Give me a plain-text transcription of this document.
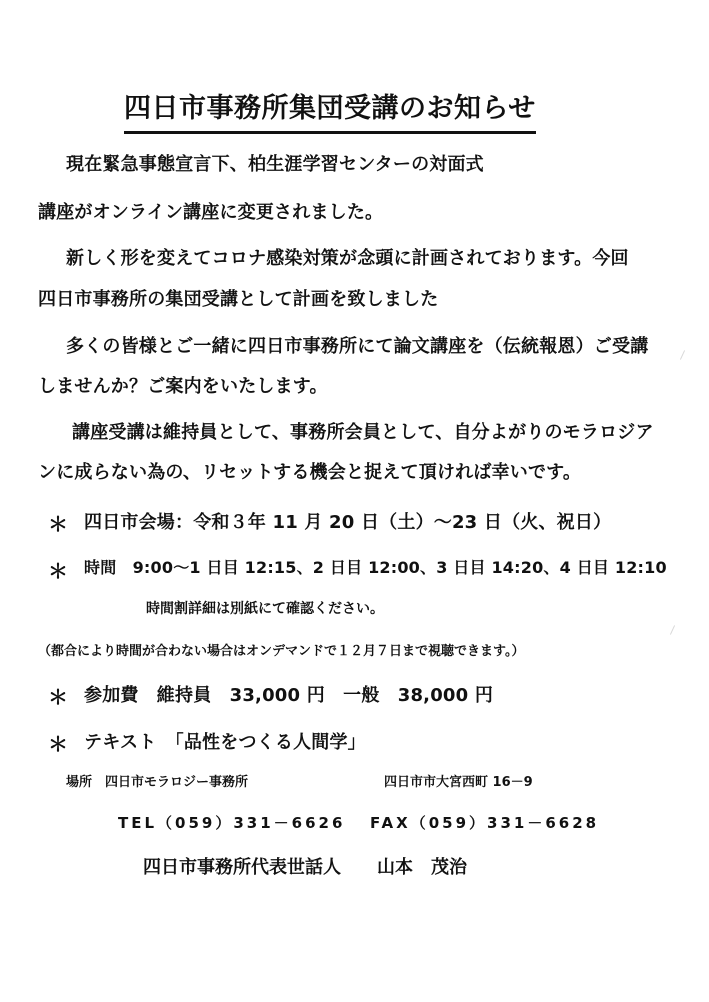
四日市事務所集団受講のお知らせ
現在緊急事態宣言下、柏生涯学習センターの対面式
講座がオンライン講座に変更されました。
新しく形を変えてコロナ感染対策が念頭に計画されております。今回
四日市事務所の集団受講として計画を致しました
多くの皆様とご一緒に四日市事務所にて論文講座を（伝統報恩）ご受講
しませんか？ご案内をいたします。
講座受講は維持員として、事務所会員として、自分よがりのモラロジア
ンに成らない為の、リセットする機会と捉えて頂ければ幸いです。
＊ 四日市会場：令和３年 11 月 20 日（土）～23 日（火、祝日）
＊ 時間　9:00～1 日目 12:15、2 日目 12:00、3 日目 14:20、4 日目 12:10
時間割詳細は別紙にて確認ください。
（都合により時間が合わない場合はオンデマンドで１２月７日まで視聴できます。）
＊ 参加費　維持員　33,000 円　一般　38,000 円
＊ テキスト　「品性をつくる人間学」
場所　四日市モラロジー事務所	四日市市大宮西町 16－9
TEL（059）331－6626 FAX（059）331－6628
四日市事務所代表世話人 山本　茂治
